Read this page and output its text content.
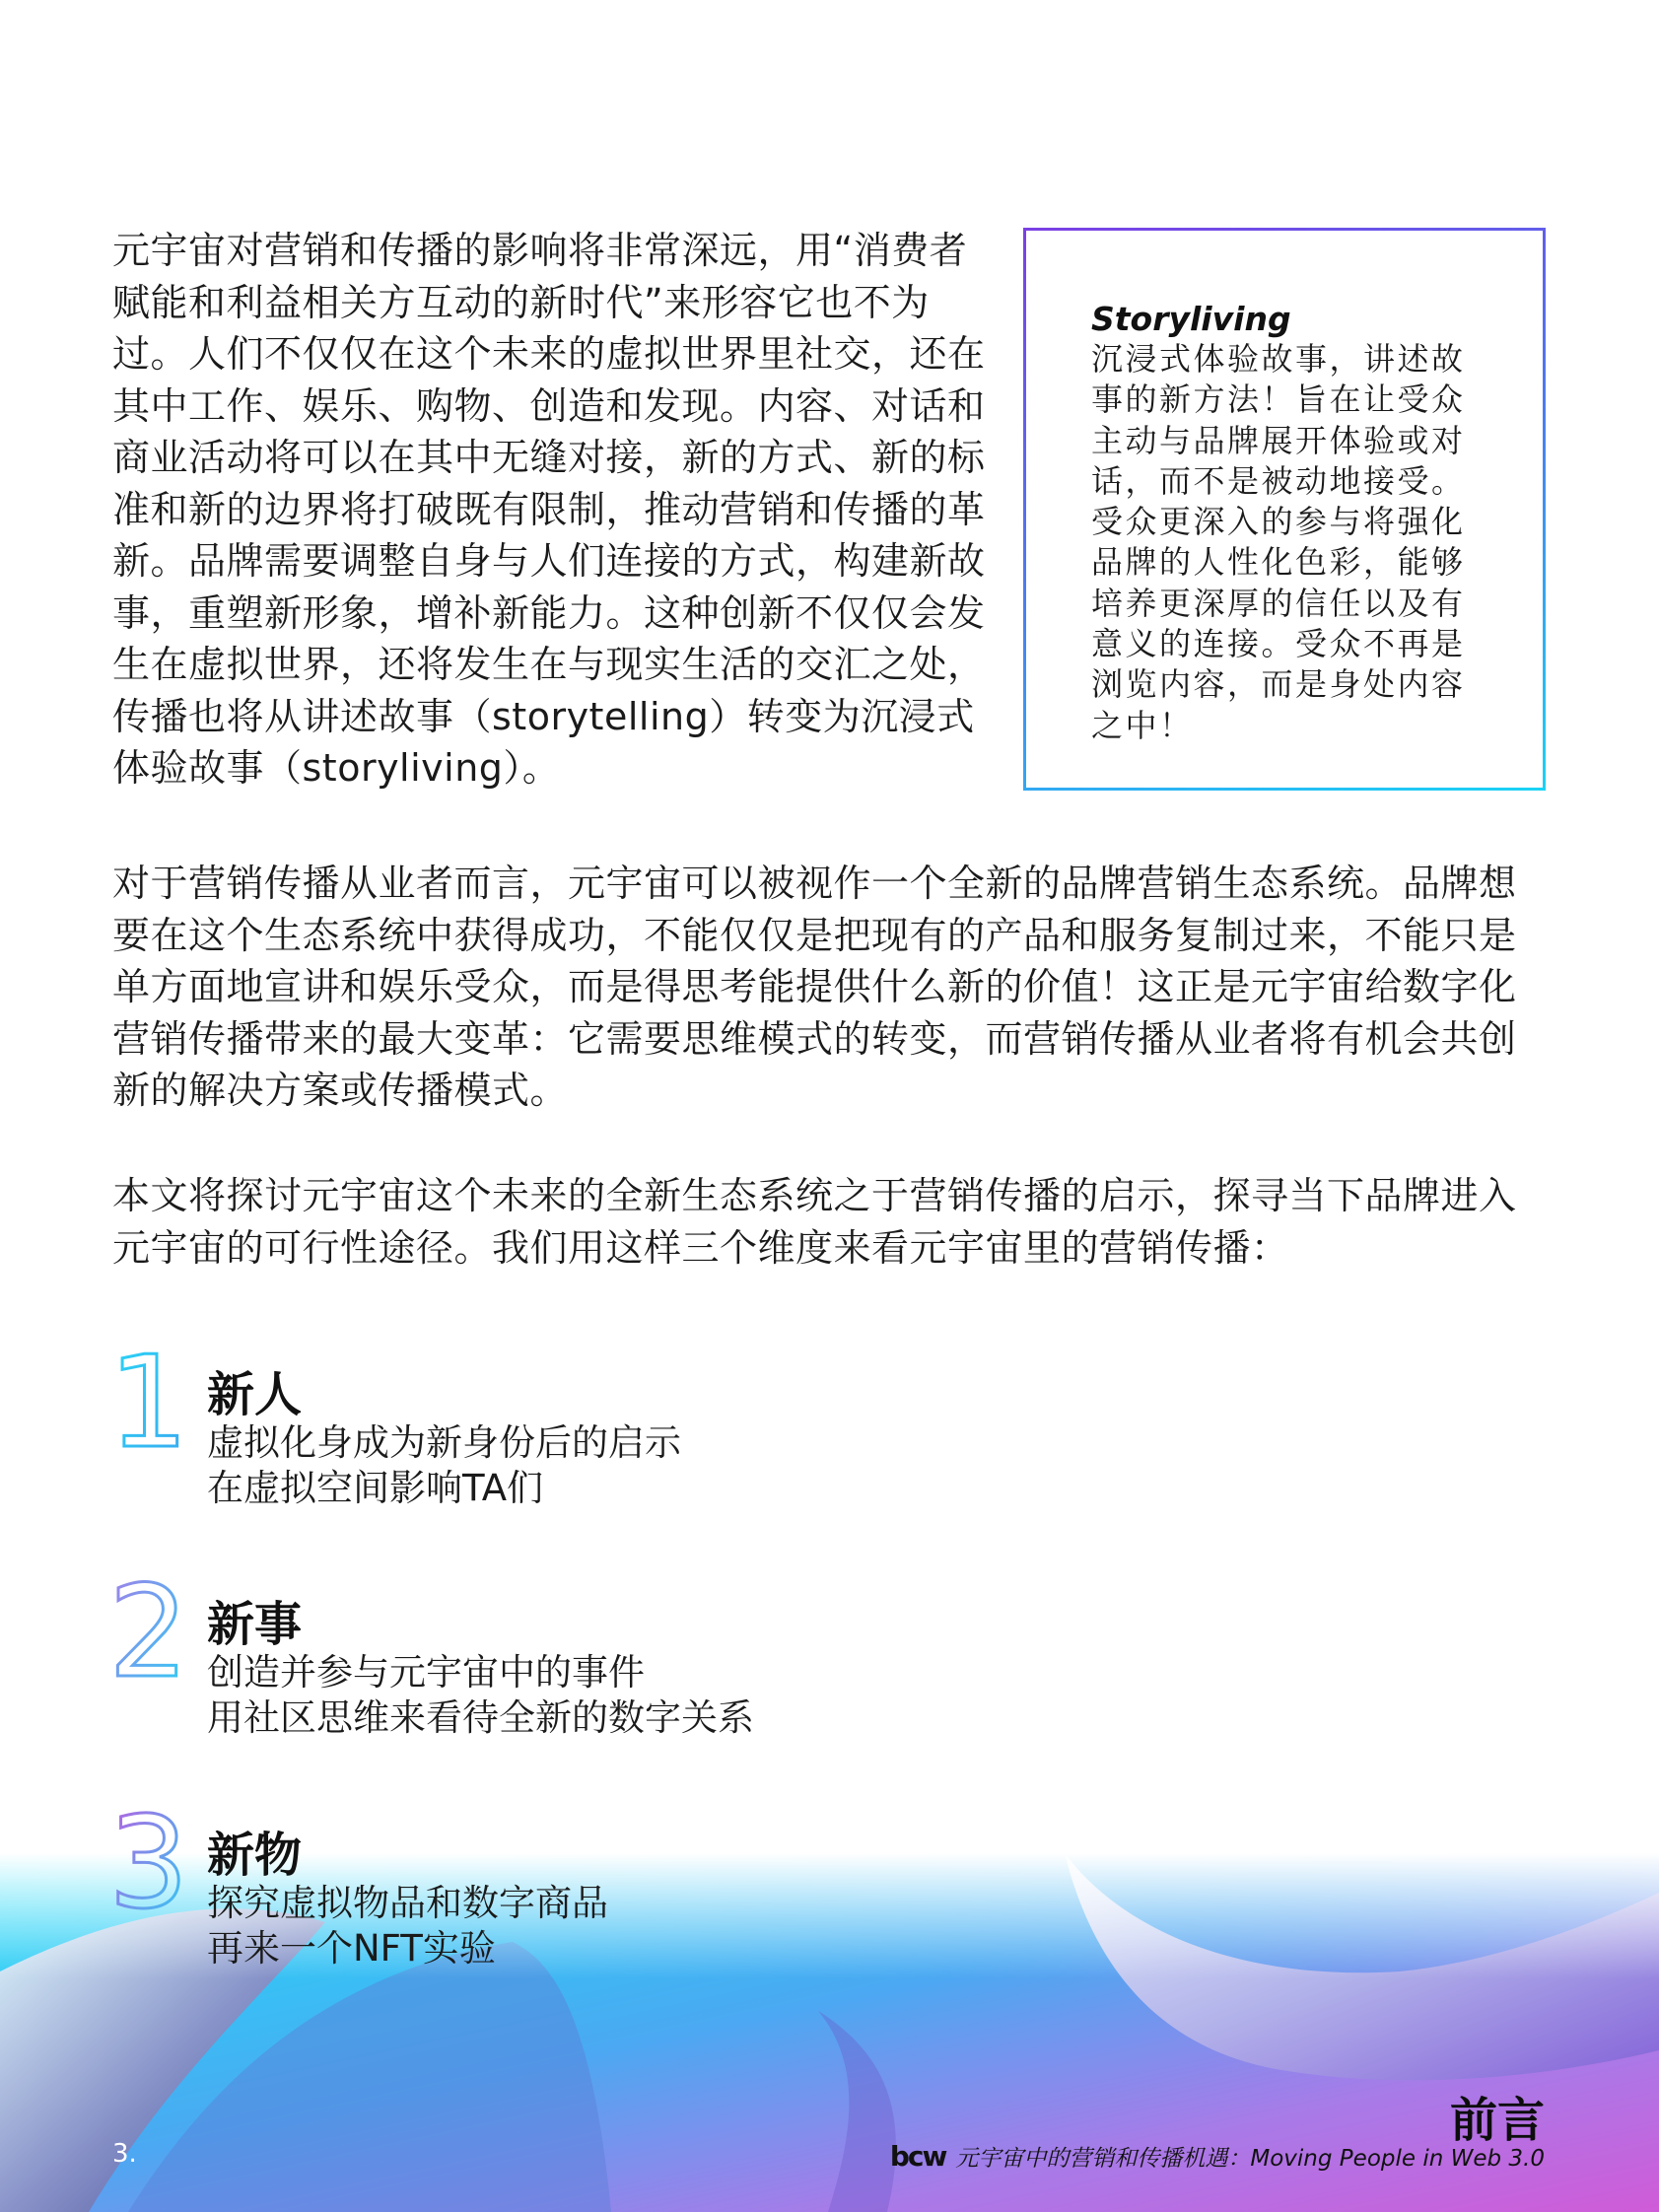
元宇宙对营销和传播的影响将非常深远，用“消费者赋能和利益相关方互动的新时代”来形容它也不为过。人们不仅仅在这个未来的虚拟世界里社交，还在其中工作、娱乐、购物、创造和发现。内容、对话和商业活动将可以在其中无缝对接，新的方式、新的标准和新的边界将打破既有限制，推动营销和传播的革新。品牌需要调整自身与人们连接的方式，构建新故事，重塑新形象，增补新能力。这种创新不仅仅会发生在虚拟世界，还将发生在与现实生活的交汇之处，传播也将从讲述故事（storytelling）转变为沉浸式体验故事（storyliving）。

Storyliving

沉浸式体验故事，讲述故事的新方法！旨在让受众主动与品牌展开体验或对话，而不是被动地接受。受众更深入的参与将强化品牌的人性化色彩，能够培养更深厚的信任以及有意义的连接。受众不再是浏览内容，而是身处内容之中！

对于营销传播从业者而言，元宇宙可以被视作一个全新的品牌营销生态系统。品牌想要在这个生态系统中获得成功，不能仅仅是把现有的产品和服务复制过来，不能只是单方面地宣讲和娱乐受众，而是得思考能提供什么新的价值！这正是元宇宙给数字化营销传播带来的最大变革：它需要思维模式的转变，而营销传播从业者将有机会共创新的解决方案或传播模式。

本文将探讨元宇宙这个未来的全新生态系统之于营销传播的启示，探寻当下品牌进入元宇宙的可行性途径。我们用这样三个维度来看元宇宙里的营销传播：

1 新人

虚拟化身成为新身份后的启示

在虚拟空间影响TA们

2 新事

创造并参与元宇宙中的事件

用社区思维来看待全新的数字关系

3 新物

探究虚拟物品和数字商品

再来一个NFT实验

前言

bcw 元宇宙中的营销和传播机遇：Moving People in Web 3.0
3.
